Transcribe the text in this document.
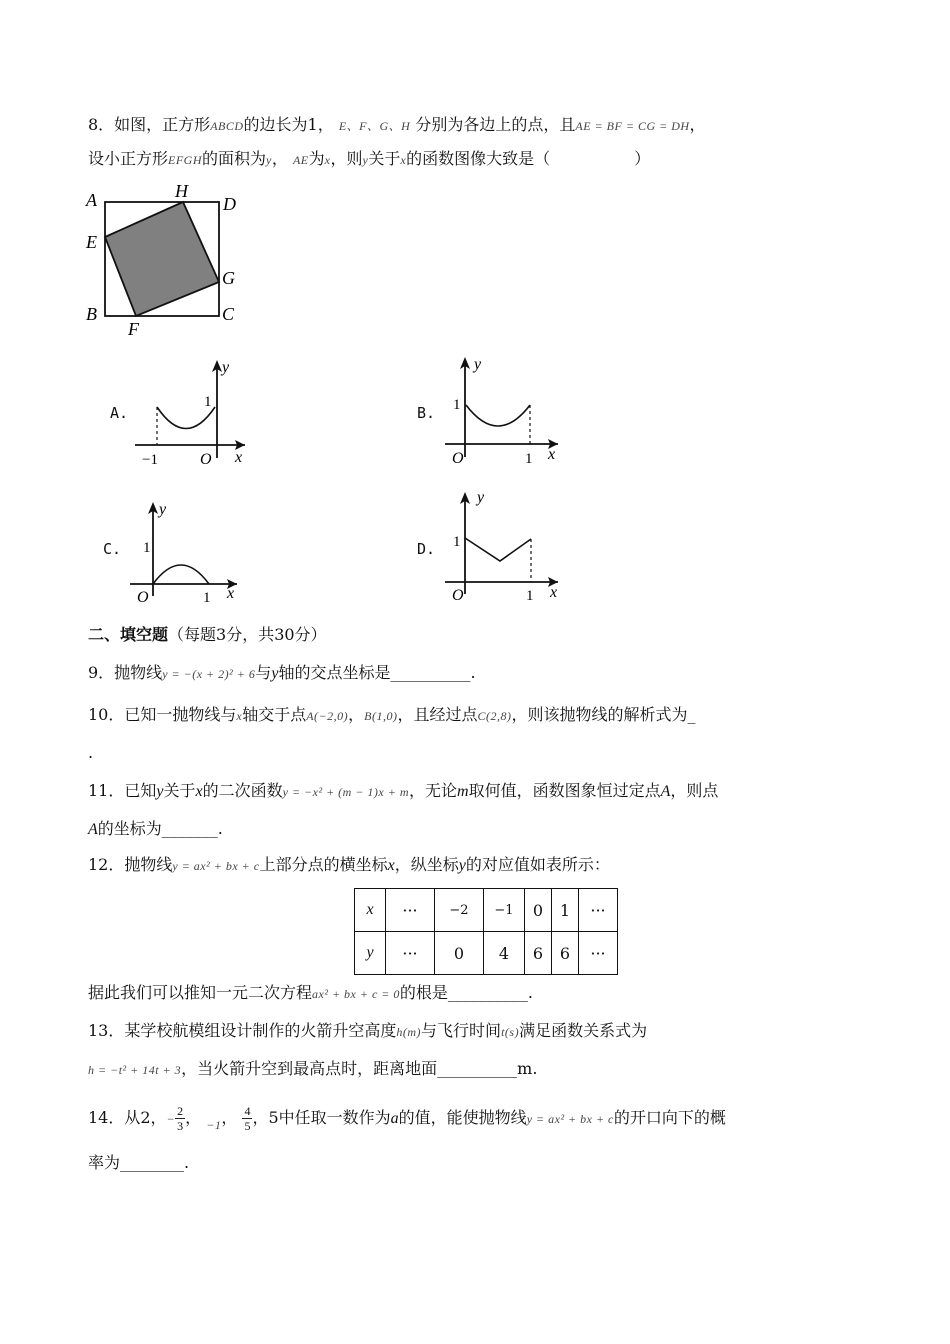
8．如图，正方形ABCD的边长为1， E、F、G、H 分别为各边上的点，且AE = BF = CG = DH，
设小正方形EFGH的面积为y， AE为x，则y关于x的函数图像大致是（	）
A	H
D
E
G
B
F
C
A.
y
x
1
−1	O
B.
y
x
1
1
O
C.
y
x
1
1
O
D.
y
x
1
1
O
二、填空题（每题3分，共30分）
9．抛物线y = −(x + 2)² + 6与y轴的交点坐标是__________.
10．已知一抛物线与x轴交于点A(−2,0)，B(1,0)，且经过点C(2,8)，则该抛物线的解析式为_
.
11．已知y关于x的二次函数y = −x² + (m − 1)x + m，无论m取何值，函数图象恒过定点A，则点
A的坐标为_______.
12．抛物线y = ax² + bx + c上部分点的横坐标x，纵坐标y的对应值如表所示：
x	···	−2	−1	0	1	···
y	···	0	4	6	6	···
据此我们可以推知一元二次方程ax² + bx + c = 0的根是__________.
13．某学校航模组设计制作的火箭升空高度h(m)与飞行时间t(s)满足函数关系式为
h = −t² + 14t + 3，当火箭升空到最高点时，距离地面__________m.
14．从2，− $\frac{2}{3}$ ， $_{-1}$， $\frac{4}{5}$ ，5中任取一数作为a的值，能使抛物线y = ax² + bx + c的开口向下的概
率为________.
